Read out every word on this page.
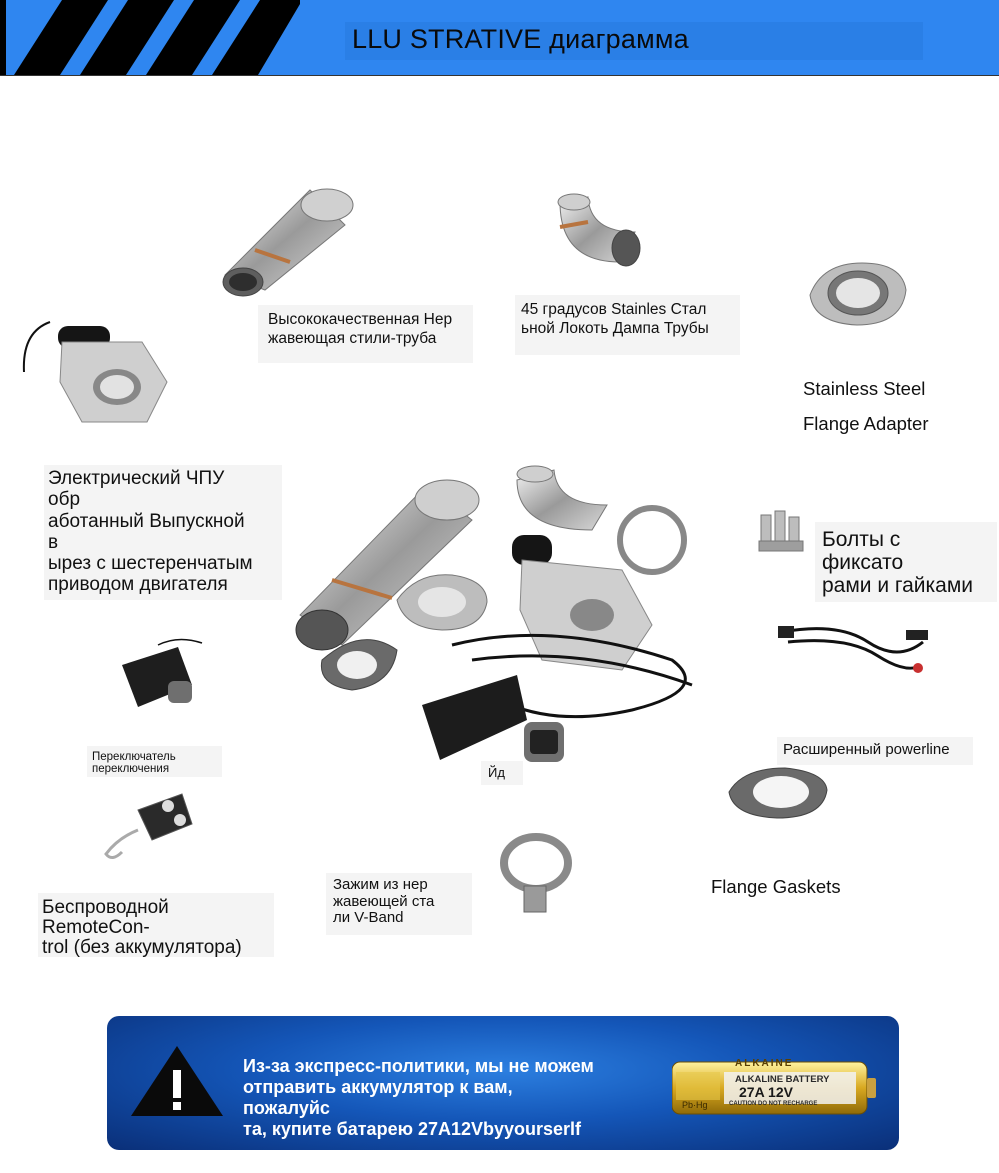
LLU STRATIVE диаграмма
Высококачественная Нер
жавеющая стили-труба
45 градусов Stainles Стал
ьной Локоть Дампа Трубы
Stainless Steel
Flange Adapter
Электрический ЧПУ
обр
аботанный Выпускной
в
ырез с шестеренчатым
приводом двигателя
Болты с
фиксато
рами и гайками
Переключатель
переключения
Расширенный powerline
Йд
Беспроводной
RemoteCon-
trol (без аккумулятора)
Зажим из нер
жавеющей ста
ли V-Band
Flange Gaskets
Из-за экспресс-политики, мы не можем
отправить аккумулятор к вам,
пожалуйс
та, купите батарею 27A12Vbyyourserlf
ALKAINE
ALKALINE BATTERY
27A 12V
CAUTION DO NOT RECHARGE
Pb·Hg
